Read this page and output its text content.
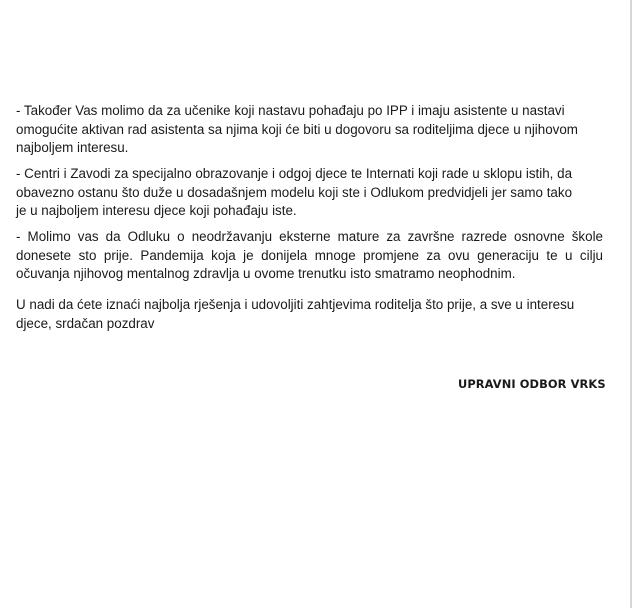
- Također Vas molimo da za učenike koji nastavu pohađaju po IPP i imaju asistente u nastavi
omogućite aktivan rad asistenta sa njima koji će biti u dogovoru sa roditeljima djece u njihovom
najboljem interesu.

- Centri i Zavodi za specijalno obrazovanje i odgoj djece te Internati koji rade u sklopu istih, da
obavezno ostanu što duže u dosadašnjem modelu koji ste i Odlukom predvidjeli jer samo tako
je u najboljem interesu djece koji pohađaju iste.

- Molimo vas da Odluku o neodržavanju eksterne mature za završne razrede osnovne škole
donesete sto prije. Pandemija koja je donijela mnoge promjene za ovu generaciju te u cilju
očuvanja njihovog mentalnog zdravlja u ovome trenutku isto smatramo neophodnim.

U nadi da ćete iznaći najbolja rješenja i udovoljiti zahtjevima roditelja što prije, a sve u interesu
djece, srdačan pozdrav

UPRAVNI ODBOR VRKS
